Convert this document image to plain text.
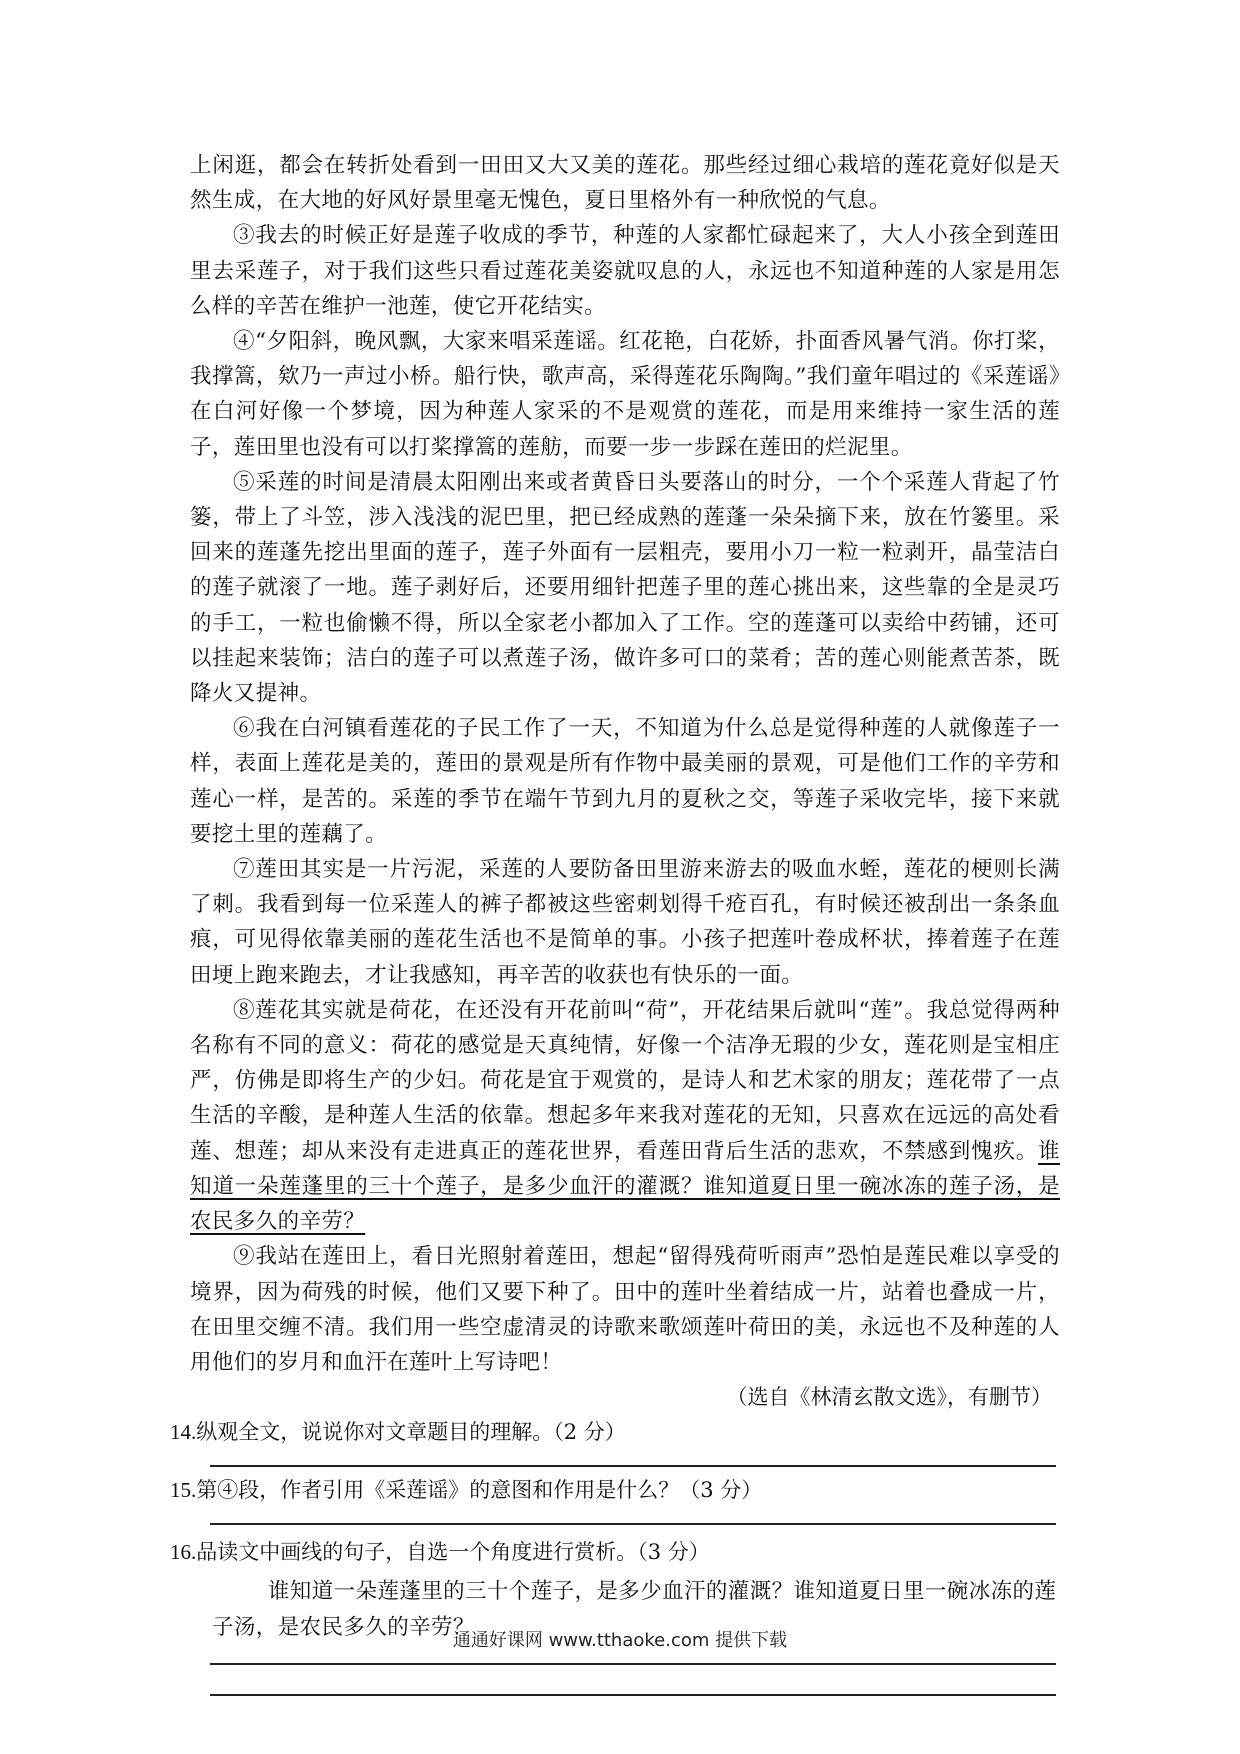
上闲逛，都会在转折处看到一田田又大又美的莲花。那些经过细心栽培的莲花竟好似是天然生成，在大地的好风好景里毫无愧色，夏日里格外有一种欣悦的气息。

③我去的时候正好是莲子收成的季节，种莲的人家都忙碌起来了，大人小孩全到莲田里去采莲子，对于我们这些只看过莲花美姿就叹息的人，永远也不知道种莲的人家是用怎么样的辛苦在维护一池莲，使它开花结实。

④“夕阳斜，晚风飘，大家来唱采莲谣。红花艳，白花娇，扑面香风暑气消。你打桨，我撑篙，欸乃一声过小桥。船行快，歌声高，采得莲花乐陶陶。”我们童年唱过的《采莲谣》在白河好像一个梦境，因为种莲人家采的不是观赏的莲花，而是用来维持一家生活的莲子，莲田里也没有可以打桨撑篙的莲舫，而要一步一步踩在莲田的烂泥里。

⑤采莲的时间是清晨太阳刚出来或者黄昏日头要落山的时分，一个个采莲人背起了竹篓，带上了斗笠，涉入浅浅的泥巴里，把已经成熟的莲蓬一朵朵摘下来，放在竹篓里。采回来的莲蓬先挖出里面的莲子，莲子外面有一层粗壳，要用小刀一粒一粒剥开，晶莹洁白的莲子就滚了一地。莲子剥好后，还要用细针把莲子里的莲心挑出来，这些靠的全是灵巧的手工，一粒也偷懒不得，所以全家老小都加入了工作。空的莲蓬可以卖给中药铺，还可以挂起来装饰；洁白的莲子可以煮莲子汤，做许多可口的菜肴；苦的莲心则能煮苦茶，既降火又提神。

⑥我在白河镇看莲花的子民工作了一天，不知道为什么总是觉得种莲的人就像莲子一样，表面上莲花是美的，莲田的景观是所有作物中最美丽的景观，可是他们工作的辛劳和莲心一样，是苦的。采莲的季节在端午节到九月的夏秋之交，等莲子采收完毕，接下来就要挖土里的莲藕了。

⑦莲田其实是一片污泥，采莲的人要防备田里游来游去的吸血水蛭，莲花的梗则长满了刺。我看到每一位采莲人的裤子都被这些密刺划得千疮百孔，有时候还被刮出一条条血痕，可见得依靠美丽的莲花生活也不是简单的事。小孩子把莲叶卷成杯状，捧着莲子在莲田埂上跑来跑去，才让我感知，再辛苦的收获也有快乐的一面。

⑧莲花其实就是荷花，在还没有开花前叫“荷”，开花结果后就叫“莲”。我总觉得两种名称有不同的意义：荷花的感觉是天真纯情，好像一个洁净无瑕的少女，莲花则是宝相庄严，仿佛是即将生产的少妇。荷花是宜于观赏的，是诗人和艺术家的朋友；莲花带了一点生活的辛酸，是种莲人生活的依靠。想起多年来我对莲花的无知，只喜欢在远远的高处看莲、想莲；却从来没有走进真正的莲花世界，看莲田背后生活的悲欢，不禁感到愧疚。谁知道一朵莲蓬里的三十个莲子，是多少血汗的灌溉？谁知道夏日里一碗冰冻的莲子汤，是农民多久的辛劳？

⑨我站在莲田上，看日光照射着莲田，想起“留得残荷听雨声”恐怕是莲民难以享受的境界，因为荷残的时候，他们又要下种了。田中的莲叶坐着结成一片，站着也叠成一片，在田里交缠不清。我们用一些空虚清灵的诗歌来歌颂莲叶荷田的美，永远也不及种莲的人用他们的岁月和血汗在莲叶上写诗吧！

（选自《林清玄散文选》，有删节）

14.纵观全文，说说你对文章题目的理解。（2 分）

15.第④段，作者引用《采莲谣》的意图和作用是什么？（3 分）

16.品读文中画线的句子，自选一个角度进行赏析。（3 分）

谁知道一朵莲蓬里的三十个莲子，是多少血汗的灌溉？谁知道夏日里一碗冰冻的莲子汤，是农民多久的辛劳？

通通好课网 www.tthaoke.com 提供下载
